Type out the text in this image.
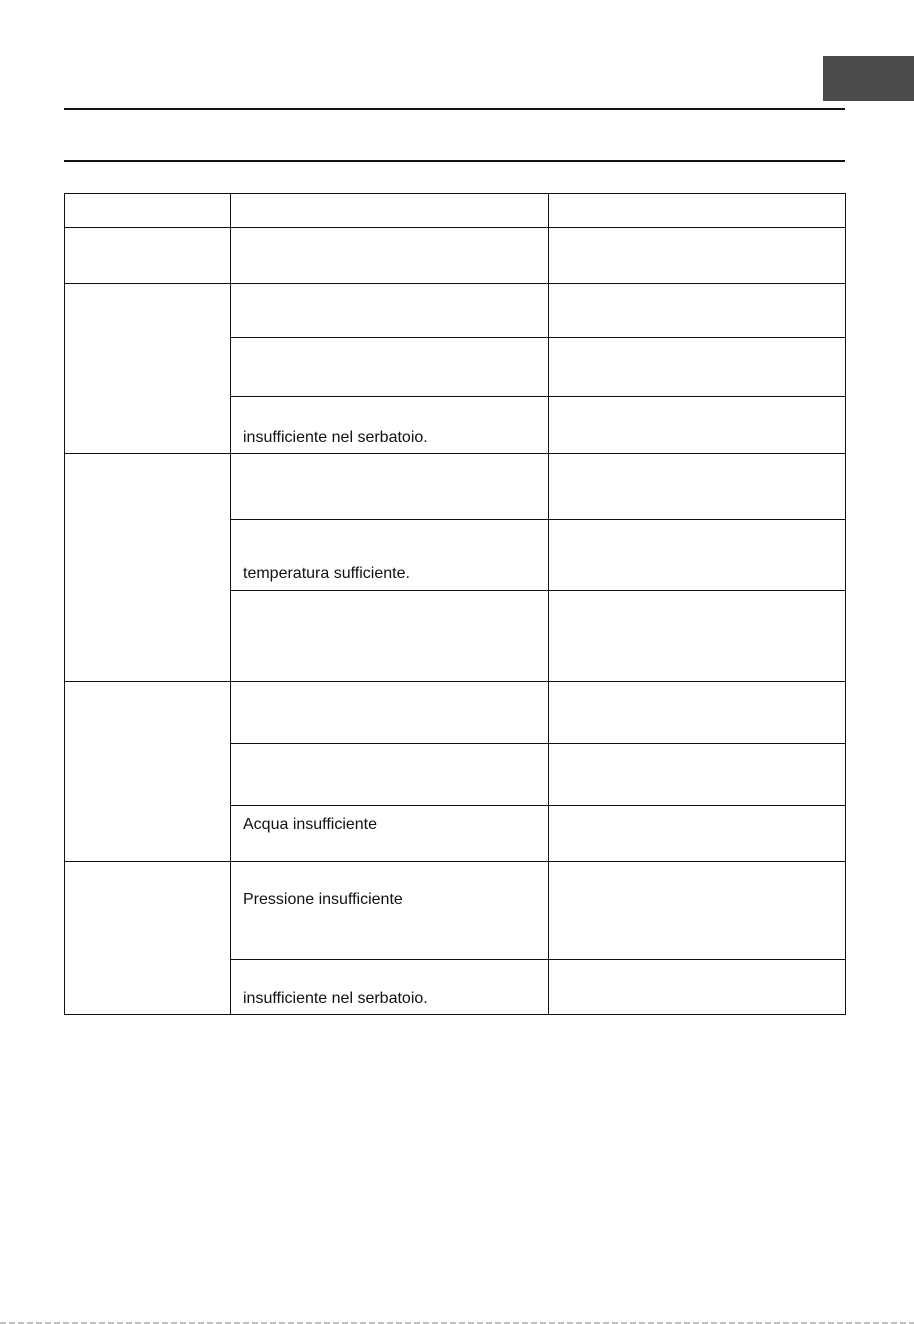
insufficiente nel serbatoio.
temperatura sufficiente.
Acqua insufficiente
Pressione insufficiente
insufficiente nel serbatoio.
